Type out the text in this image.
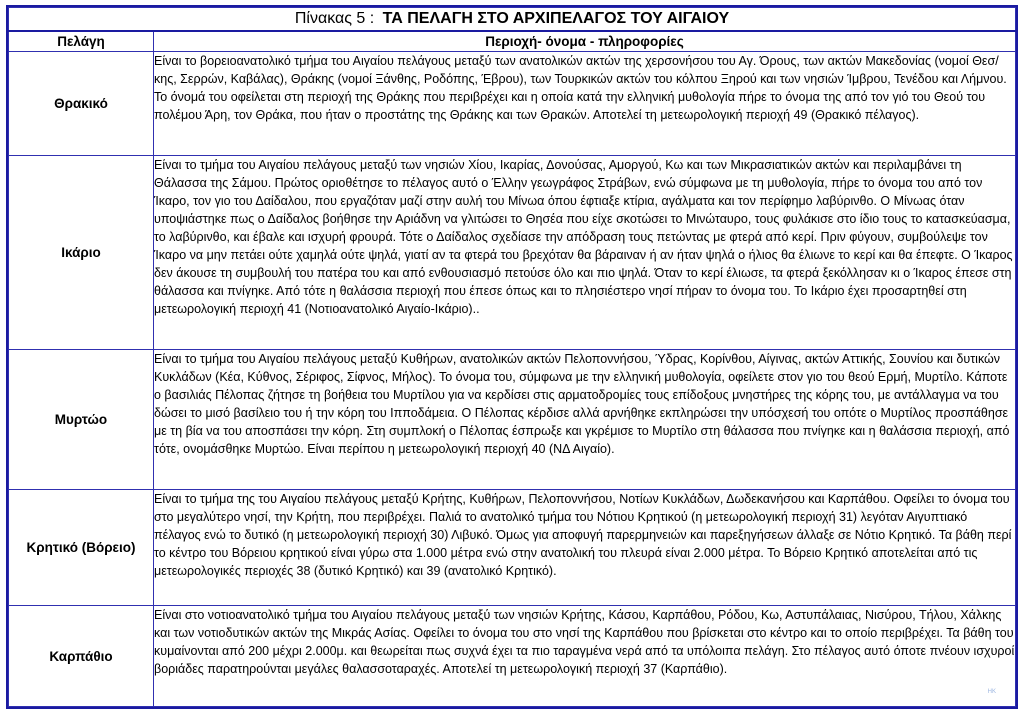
Πίνακας 5 : ΤΑ ΠΕΛΑΓΗ ΣΤΟ ΑΡΧΙΠΕΛΑΓΟΣ ΤΟΥ ΑΙΓΑΙΟΥ	
Πελάγη	Περιοχή- όνομα - πληροφορίες
Θρακικό	Είναι το βορειοανατολικό τμήμα του Αιγαίου πελάγους μεταξύ των ανατολικών ακτών της χερσονήσου του Αγ. Όρους, των ακτών Μακεδονίας (νομοί Θεσ/κης, Σερρών, Καβάλας), Θράκης (νομοί Ξάνθης, Ροδόπης, Έβρου), των Τουρκικών ακτών του κόλπου Ξηρού και των νησιών Ίμβρου, Τενέδου και Λήμνου. Το όνομά του οφείλεται στη περιοχή της Θράκης που περιβρέχει και η οποία κατά την ελληνική μυθολογία πήρε το όνομα της από τον γιό του Θεού του πολέμου Άρη, τον Θράκα, που ήταν ο προστάτης της Θράκης και των Θρακών. Αποτελεί τη μετεωρολογική περιοχή 49 (Θρακικό πέλαγος).
Ικάριο	Είναι το τμήμα του Αιγαίου πελάγους μεταξύ των νησιών Χίου, Ικαρίας, Δονούσας, Αμοργού, Κω και των Μικρασιατικών ακτών και περιλαμβάνει τη Θάλασσα της Σάμου. Πρώτος οριοθέτησε το πέλαγος αυτό ο Έλλην γεωγράφος Στράβων, ενώ σύμφωνα με τη μυθολογία, πήρε το όνομα του από τον Ίκαρο, τον γιο του Δαίδαλου, που εργαζόταν μαζί στην αυλή του Μίνωα όπου έφτιαξε κτίρια, αγάλματα και τον περίφημο λαβύρινθο. Ο Μίνωας όταν υποψιάστηκε πως ο Δαίδαλος βοήθησε την Αριάδνη να γλιτώσει το Θησέα που είχε σκοτώσει το Μινώταυρο, τους φυλάκισε στο ίδιο τους το κατασκεύασμα, το λαβύρινθο, και έβαλε και ισχυρή φρουρά. Τότε ο Δαίδαλος σχεδίασε την απόδραση τους πετώντας με φτερά από κερί. Πριν φύγουν, συμβούλεψε τον Ίκαρο να μην πετάει ούτε χαμηλά ούτε ψηλά, γιατί αν τα φτερά του βρεχόταν θα βάραιναν ή αν ήταν ψηλά ο ήλιος θα έλιωνε το κερί και θα έπεφτε. Ο Ίκαρος δεν άκουσε τη συμβουλή του πατέρα του και από ενθουσιασμό πετούσε όλο και πιο ψηλά. Όταν το κερί έλιωσε, τα φτερά ξεκόλλησαν κι ο Ίκαρος έπεσε στη θάλασσα και πνίγηκε. Από τότε η θαλάσσια περιοχή που έπεσε όπως και το πλησιέστερο νησί πήραν το όνομα του. Το Ικάριο έχει προσαρτηθεί στη μετεωρολογική περιοχή 41 (Νοτιοανατολικό Αιγαίο-Ικάριο)..
Μυρτώο	Είναι το τμήμα του Αιγαίου πελάγους μεταξύ Κυθήρων, ανατολικών ακτών Πελοποννήσου, Ύδρας, Κορίνθου, Αίγινας, ακτών Αττικής, Σουνίου και δυτικών Κυκλάδων (Κέα, Κύθνος, Σέριφος, Σίφνος, Μήλος). Το όνομα του, σύμφωνα με την ελληνική μυθολογία, οφείλετε στον γιο του θεού Ερμή, Μυρτίλο. Κάποτε ο βασιλιάς Πέλοπας ζήτησε τη βοήθεια του Μυρτίλου για να κερδίσει στις αρματοδρομίες τους επίδοξους μνηστήρες της κόρης του, με αντάλλαγμα να του δώσει το μισό βασίλειο του ή την κόρη του Ιπποδάμεια. Ο Πέλοπας κέρδισε αλλά αρνήθηκε εκπληρώσει την υπόσχεσή του οπότε ο Μυρτίλος προσπάθησε με τη βία να του αποσπάσει την κόρη. Στη συμπλοκή ο Πέλοπας έσπρωξε και γκρέμισε το Μυρτίλο στη θάλασσα που πνίγηκε και η θαλάσσια περιοχή, από τότε, ονομάσθηκε Μυρτώο. Είναι περίπου η μετεωρολογική περιοχή 40 (ΝΔ Αιγαίο).
Κρητικό (Βόρειο)	Είναι το τμήμα της του Αιγαίου πελάγους μεταξύ Κρήτης, Κυθήρων, Πελοποννήσου, Νοτίων Κυκλάδων, Δωδεκανήσου και Καρπάθου. Οφείλει το όνομα του στο μεγαλύτερο νησί, την Κρήτη, που περιβρέχει. Παλιά το ανατολικό τμήμα του Νότιου Κρητικού (η μετεωρολογική περιοχή 31) λεγόταν Αιγυπτιακό πέλαγος ενώ το δυτικό (η μετεωρολογική περιοχή 30) Λιβυκό. Όμως για αποφυγή παρερμηνειών και παρεξηγήσεων άλλαξε σε Νότιο Κρητικό. Τα βάθη περί το κέντρο του Βόρειου κρητικού είναι γύρω στα 1.000 μέτρα ενώ στην ανατολική του πλευρά είναι 2.000 μέτρα. Το Βόρειο Κρητικό αποτελείται από τις μετεωρολογικές περιοχές 38 (δυτικό Κρητικό) και 39 (ανατολικό Κρητικό).
Καρπάθιο	Είναι στο νοτιοανατολικό τμήμα του Αιγαίου πελάγους μεταξύ των νησιών Κρήτης, Κάσου, Καρπάθου, Ρόδου, Κω, Αστυπάλαιας, Νισύρου, Τήλου, Χάλκης και των νοτιοδυτικών ακτών της Μικράς Ασίας. Οφείλει το όνομα του στο νησί της Καρπάθου που βρίσκεται στο κέντρο και το οποίο περιβρέχει. Τα βάθη του κυμαίνονται από 200 μέχρι 2.000μ. και θεωρείται πως συχνά έχει τα πιο ταραγμένα νερά από τα υπόλοιπα πελάγη. Στο πέλαγος αυτό όποτε πνέουν ισχυροί βοριάδες παρατηρούνται μεγάλες θαλασσοταραχές. Αποτελεί τη μετεωρολογική περιοχή 37 (Καρπάθιο).
HK
